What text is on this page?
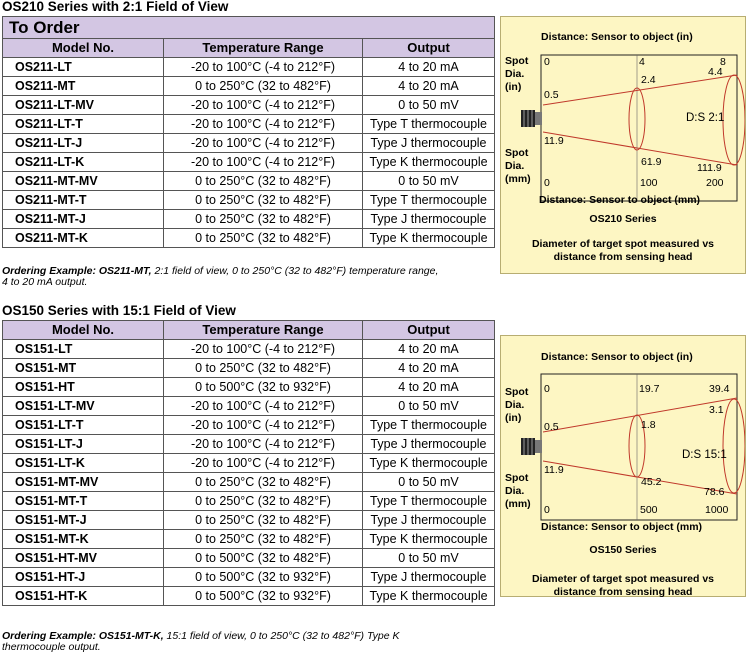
OS210 Series with 2:1 Field of View
To Order		
Model No.	Temperature Range	Output
OS211-LT	-20 to 100°C (-4 to 212°F)	4 to 20 mA
OS211-MT	0 to 250°C (32 to 482°F)	4 to 20 mA
OS211-LT-MV	-20 to 100°C (-4 to 212°F)	0 to 50 mV
OS211-LT-T	-20 to 100°C (-4 to 212°F)	Type T thermocouple
OS211-LT-J	-20 to 100°C (-4 to 212°F)	Type J thermocouple
OS211-LT-K	-20 to 100°C (-4 to 212°F)	Type K thermocouple
OS211-MT-MV	0 to 250°C (32 to 482°F)	0 to 50 mV
OS211-MT-T	0 to 250°C (32 to 482°F)	Type T thermocouple
OS211-MT-J	0 to 250°C (32 to 482°F)	Type J thermocouple
OS211-MT-K	0 to 250°C (32 to 482°F)	Type K thermocouple
Ordering Example: OS211-MT, 2:1 field of view, 0 to 250°C (32 to 482°F) temperature range,
4 to 20 mA output.
OS150 Series with 15:1 Field of View
Model No.	Temperature Range	Output
OS151-LT	-20 to 100°C (-4 to 212°F)	4 to 20 mA
OS151-MT	0 to 250°C (32 to 482°F)	4 to 20 mA
OS151-HT	0 to 500°C (32 to 932°F)	4 to 20 mA
OS151-LT-MV	-20 to 100°C (-4 to 212°F)	0 to 50 mV
OS151-LT-T	-20 to 100°C (-4 to 212°F)	Type T thermocouple
OS151-LT-J	-20 to 100°C (-4 to 212°F)	Type J thermocouple
OS151-LT-K	-20 to 100°C (-4 to 212°F)	Type K thermocouple
OS151-MT-MV	0 to 250°C (32 to 482°F)	0 to 50 mV
OS151-MT-T	0 to 250°C (32 to 482°F)	Type T thermocouple
OS151-MT-J	0 to 250°C (32 to 482°F)	Type J thermocouple
OS151-MT-K	0 to 250°C (32 to 482°F)	Type K thermocouple
OS151-HT-MV	0 to 500°C (32 to 482°F)	0 to 50 mV
OS151-HT-J	0 to 500°C (32 to 932°F)	Type J thermocouple
OS151-HT-K	0 to 500°C (32 to 932°F)	Type K thermocouple
Ordering Example: OS151-MT-K, 15:1 field of view, 0 to 250°C (32 to 482°F) Type K
thermocouple output.
Distance: Sensor to object (in)
Spot
Dia.
(in)
Spot
Dia.
(mm)
0	4	8
0.5
2.4
4.4
D:S 2:1
11.9
61.9	111.9
0	100	200
Distance: Sensor to object (mm)
OS210 Series
Diameter of target spot measured vs
distance from sensing head
Distance: Sensor to object (in)
Spot
Dia.
(in)
Spot
Dia.
(mm)
0	19.7	39.4
0.5	1.8
3.1
D:S 15:1
11.9
45.2
78.6
0	500	1000
Distance: Sensor to object (mm)
OS150 Series
Diameter of target spot measured vs
distance from sensing head
